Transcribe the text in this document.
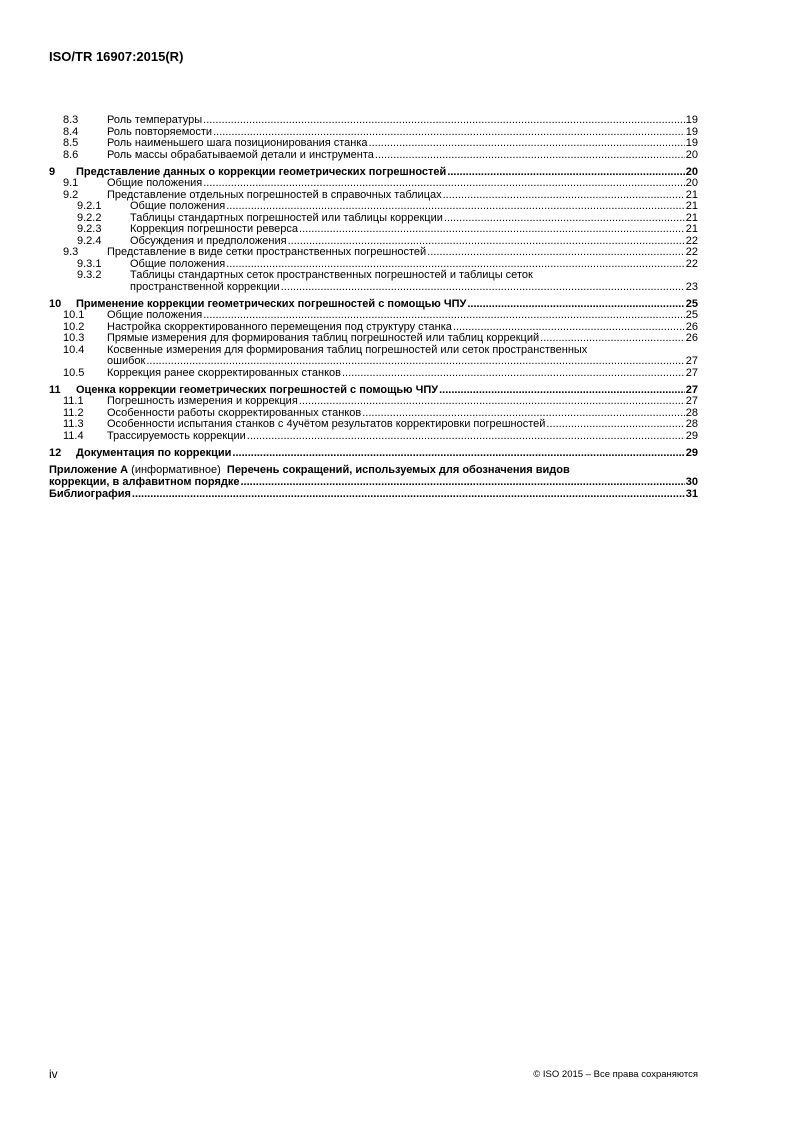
ISO/TR 16907:2015(R)
8.3	Роль температуры .....	19
8.4	Роль повторяемости .....	19
8.5	Роль наименьшего шага позиционирования станка .....	19
8.6	Роль массы обрабатываемой детали и инструмента .....	20
9	Представление данных о коррекции геометрических погрешностей .....	20
9.1	Общие положения .....	20
9.2	Представление отдельных погрешностей в справочных таблицах .....	21
9.2.1	Общие положения .....	21
9.2.2	Таблицы стандартных погрешностей или таблицы коррекции .....	21
9.2.3	Коррекция погрешности реверса .....	21
9.2.4	Обсуждения и предположения .....	22
9.3	Представление в виде сетки пространственных погрешностей .....	22
9.3.1	Общие положения .....	22
9.3.2	Таблицы стандартных сеток пространственных погрешностей и таблицы сеток
пространственной коррекции .....	23
10	Применение коррекции геометрических погрешностей с помощью ЧПУ .....	25
10.1	Общие положения .....	25
10.2	Настройка скорректированного перемещения под структуру станка .....	26
10.3	Прямые измерения для формирования таблиц погрешностей или таблиц коррекций .....	26
10.4	Косвенные измерения для формирования таблиц погрешностей или сеток пространственных
ошибок .....	27
10.5	Коррекция ранее скорректированных станков .....	27
11	Оценка коррекции геометрических погрешностей с помощью ЧПУ .....	27
11.1	Погрешность измерения и коррекция .....	27
11.2	Особенности работы скорректированных станков .....	28
11.3	Особенности испытания станков с 4учётом результатов корректировки погрешностей .....	28
11.4	Трассируемость коррекции .....	29
12	Документация по коррекции .....	29
Приложение A
(информативное)
Перечень сокращений, используемых для обозначения видов
коррекции, в алфавитном порядке .....	30
Библиография .....	31
iv	© ISO 2015 – Все права сохраняются
